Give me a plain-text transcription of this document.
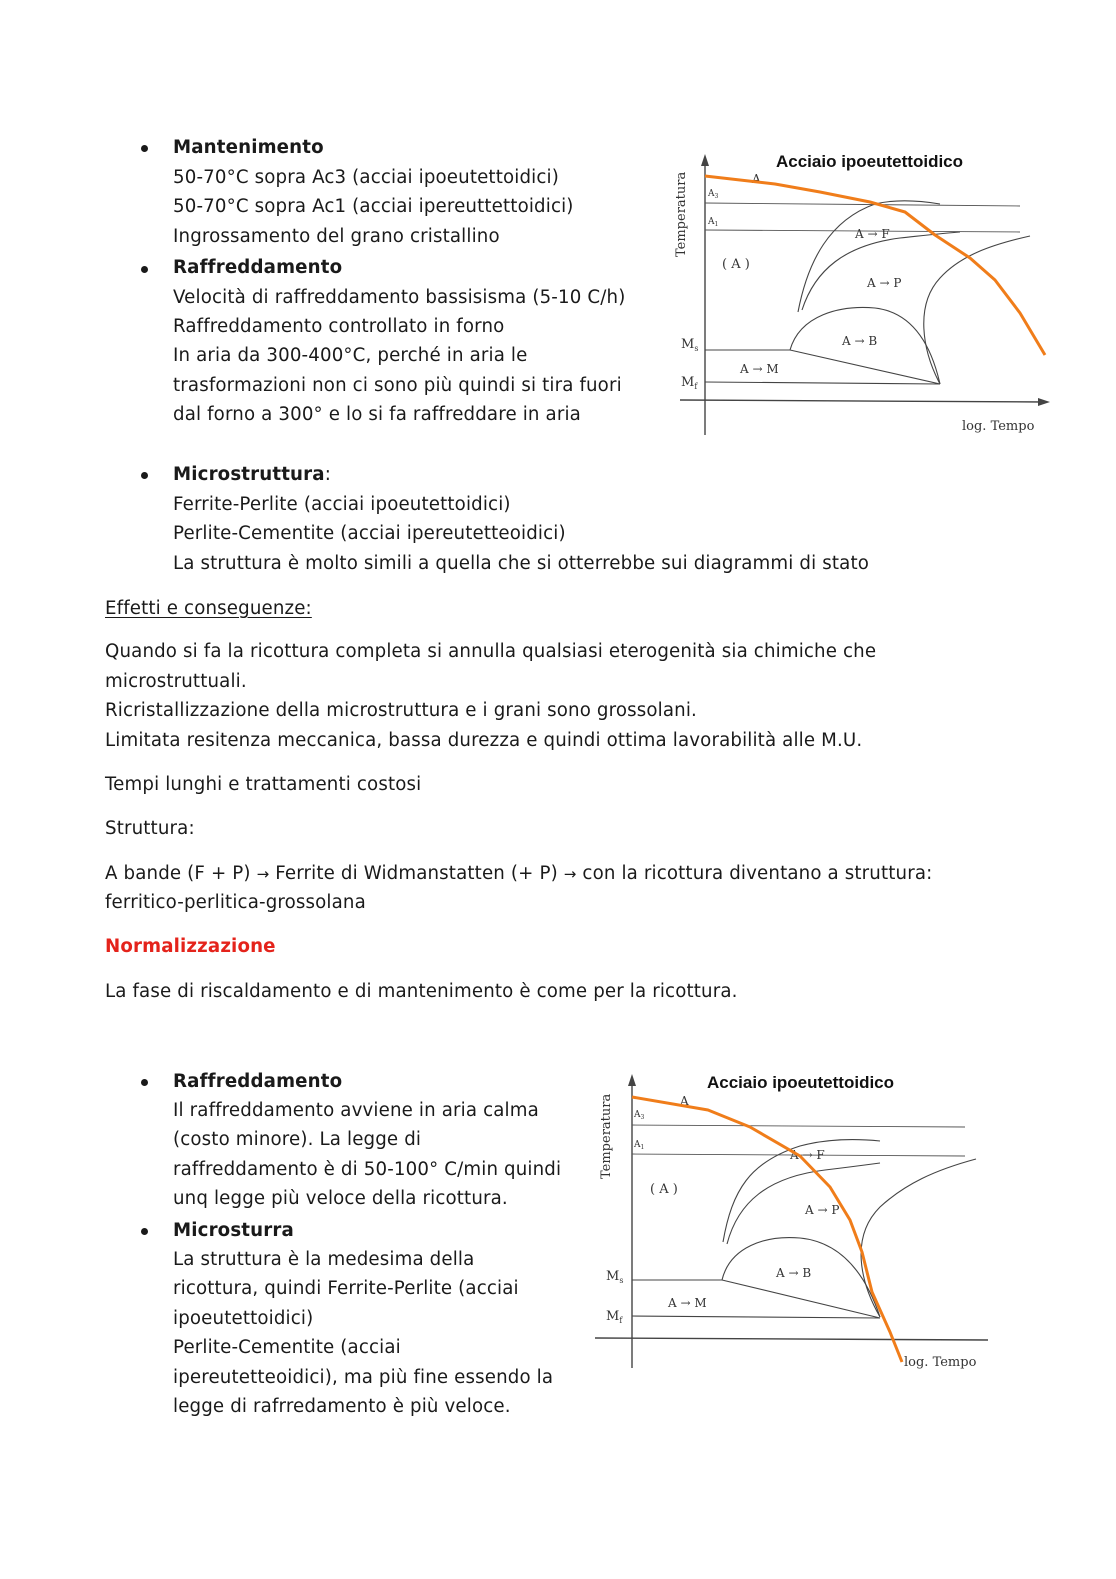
Mantenimento
50-70°C sopra Ac3 (acciai ipoeutettoidici)
50-70°C sopra Ac1 (acciai ipereuttettoidici)
Ingrossamento del grano cristallino
Raffreddamento
Velocità di raffreddamento bassisisma (5-10 C/h)
Raffreddamento controllato in forno
In aria da 300-400°C, perché in aria le
trasformazioni non ci sono più quindi si tira fuori
dal forno a 300° e lo si fa raffreddare in aria
Microstruttura:
Ferrite-Perlite (acciai ipoeutettoidici)
Perlite-Cementite (acciai ipereutetteoidici)
La struttura è molto simili a quella che si otterrebbe sui diagrammi di stato
Acciaio ipoeutettoidico
Temperatura
log. Tempo
$A_3$
$A_1$
A
( A )
A → F
A → P
A → B
A → M
$M_s$
$M_f$
Effetti e conseguenze:
Quando si fa la ricottura completa si annulla qualsiasi eterogenità sia chimiche che
microstruttuali.
Ricristallizzazione della microstruttura e i grani sono grossolani.
Limitata resitenza meccanica, bassa durezza e quindi ottima lavorabilità alle M.U.
Tempi lunghi e trattamenti costosi
Struttura:
A bande (F + P) → Ferrite di Widmanstatten (+ P) → con la ricottura diventano a struttura:
ferritico-perlitica-grossolana
Normalizzazione
La fase di riscaldamento e di mantenimento è come per la ricottura.
Raffreddamento
Il raffreddamento avviene in aria calma
(costo minore). La legge di
raffreddamento è di 50-100° C/min quindi
unq legge più veloce della ricottura.
Microsturra
La struttura è la medesima della
ricottura, quindi Ferrite-Perlite (acciai
ipoeutettoidici)
Perlite-Cementite (acciai
ipereutetteoidici), ma più fine essendo la
legge di rafrredamento è più veloce.
Acciaio ipoeutettoidico
Temperatura
log. Tempo
$A_3$
$A_1$
A
( A )
A → F
A → P
A → B
A → M
$M_s$
$M_f$
